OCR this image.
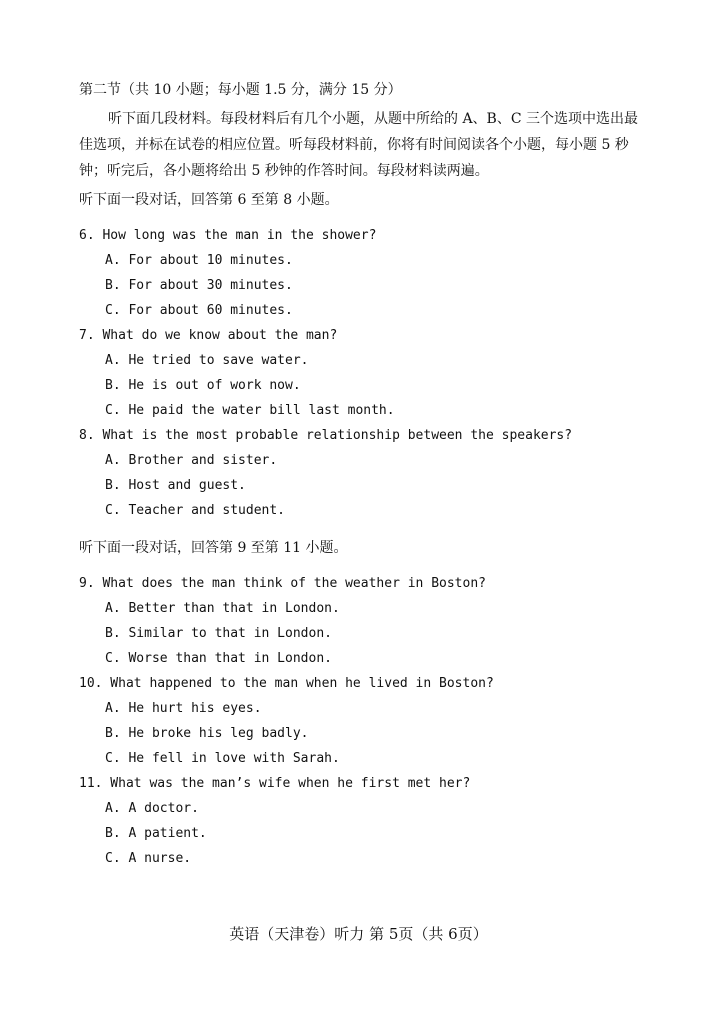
第二节（共 10 小题；每小题 1.5 分，满分 15 分）
听下面几段材料。每段材料后有几个小题，从题中所给的 A、B、C 三个选项中选出最佳选项，并标在试卷的相应位置。听每段材料前，你将有时间阅读各个小题，每小题 5 秒钟；听完后，各小题将给出 5 秒钟的作答时间。每段材料读两遍。
听下面一段对话，回答第 6 至第 8 小题。
6. How long was the man in the shower?
A. For about 10 minutes.
B. For about 30 minutes.
C. For about 60 minutes.
7. What do we know about the man?
A. He tried to save water.
B. He is out of work now.
C. He paid the water bill last month.
8. What is the most probable relationship between the speakers?
A. Brother and sister.
B. Host and guest.
C. Teacher and student.
听下面一段对话，回答第 9 至第 11 小题。
9. What does the man think of the weather in Boston?
A. Better than that in London.
B. Similar to that in London.
C. Worse than that in London.
10. What happened to the man when he lived in Boston?
A. He hurt his eyes.
B. He broke his leg badly.
C. He fell in love with Sarah.
11. What was the man’s wife when he first met her?
A. A doctor.
B. A patient.
C. A nurse.
英语（天津卷）听力 第 5页（共 6页）
